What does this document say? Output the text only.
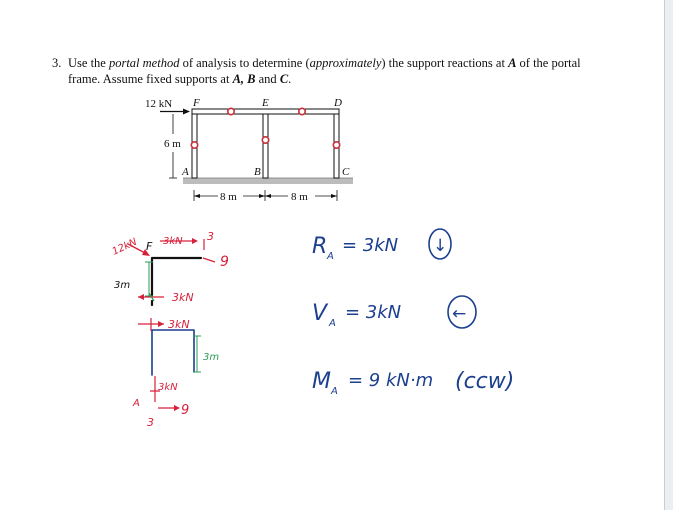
3. Use the portal method of analysis to determine (approximately) the support reactions at A of the portal frame. Assume fixed supports at A, B and C.
12 kN F	E	D
A	B	C
6 m
8 m	8 m
12kN F 3kN 3
9
3m
3kN
3kN
3m
3kN
A	9
3
R A
= 3kN ↓
V A
= 3kN	←
M A
= 9 kN·m (ccw)
